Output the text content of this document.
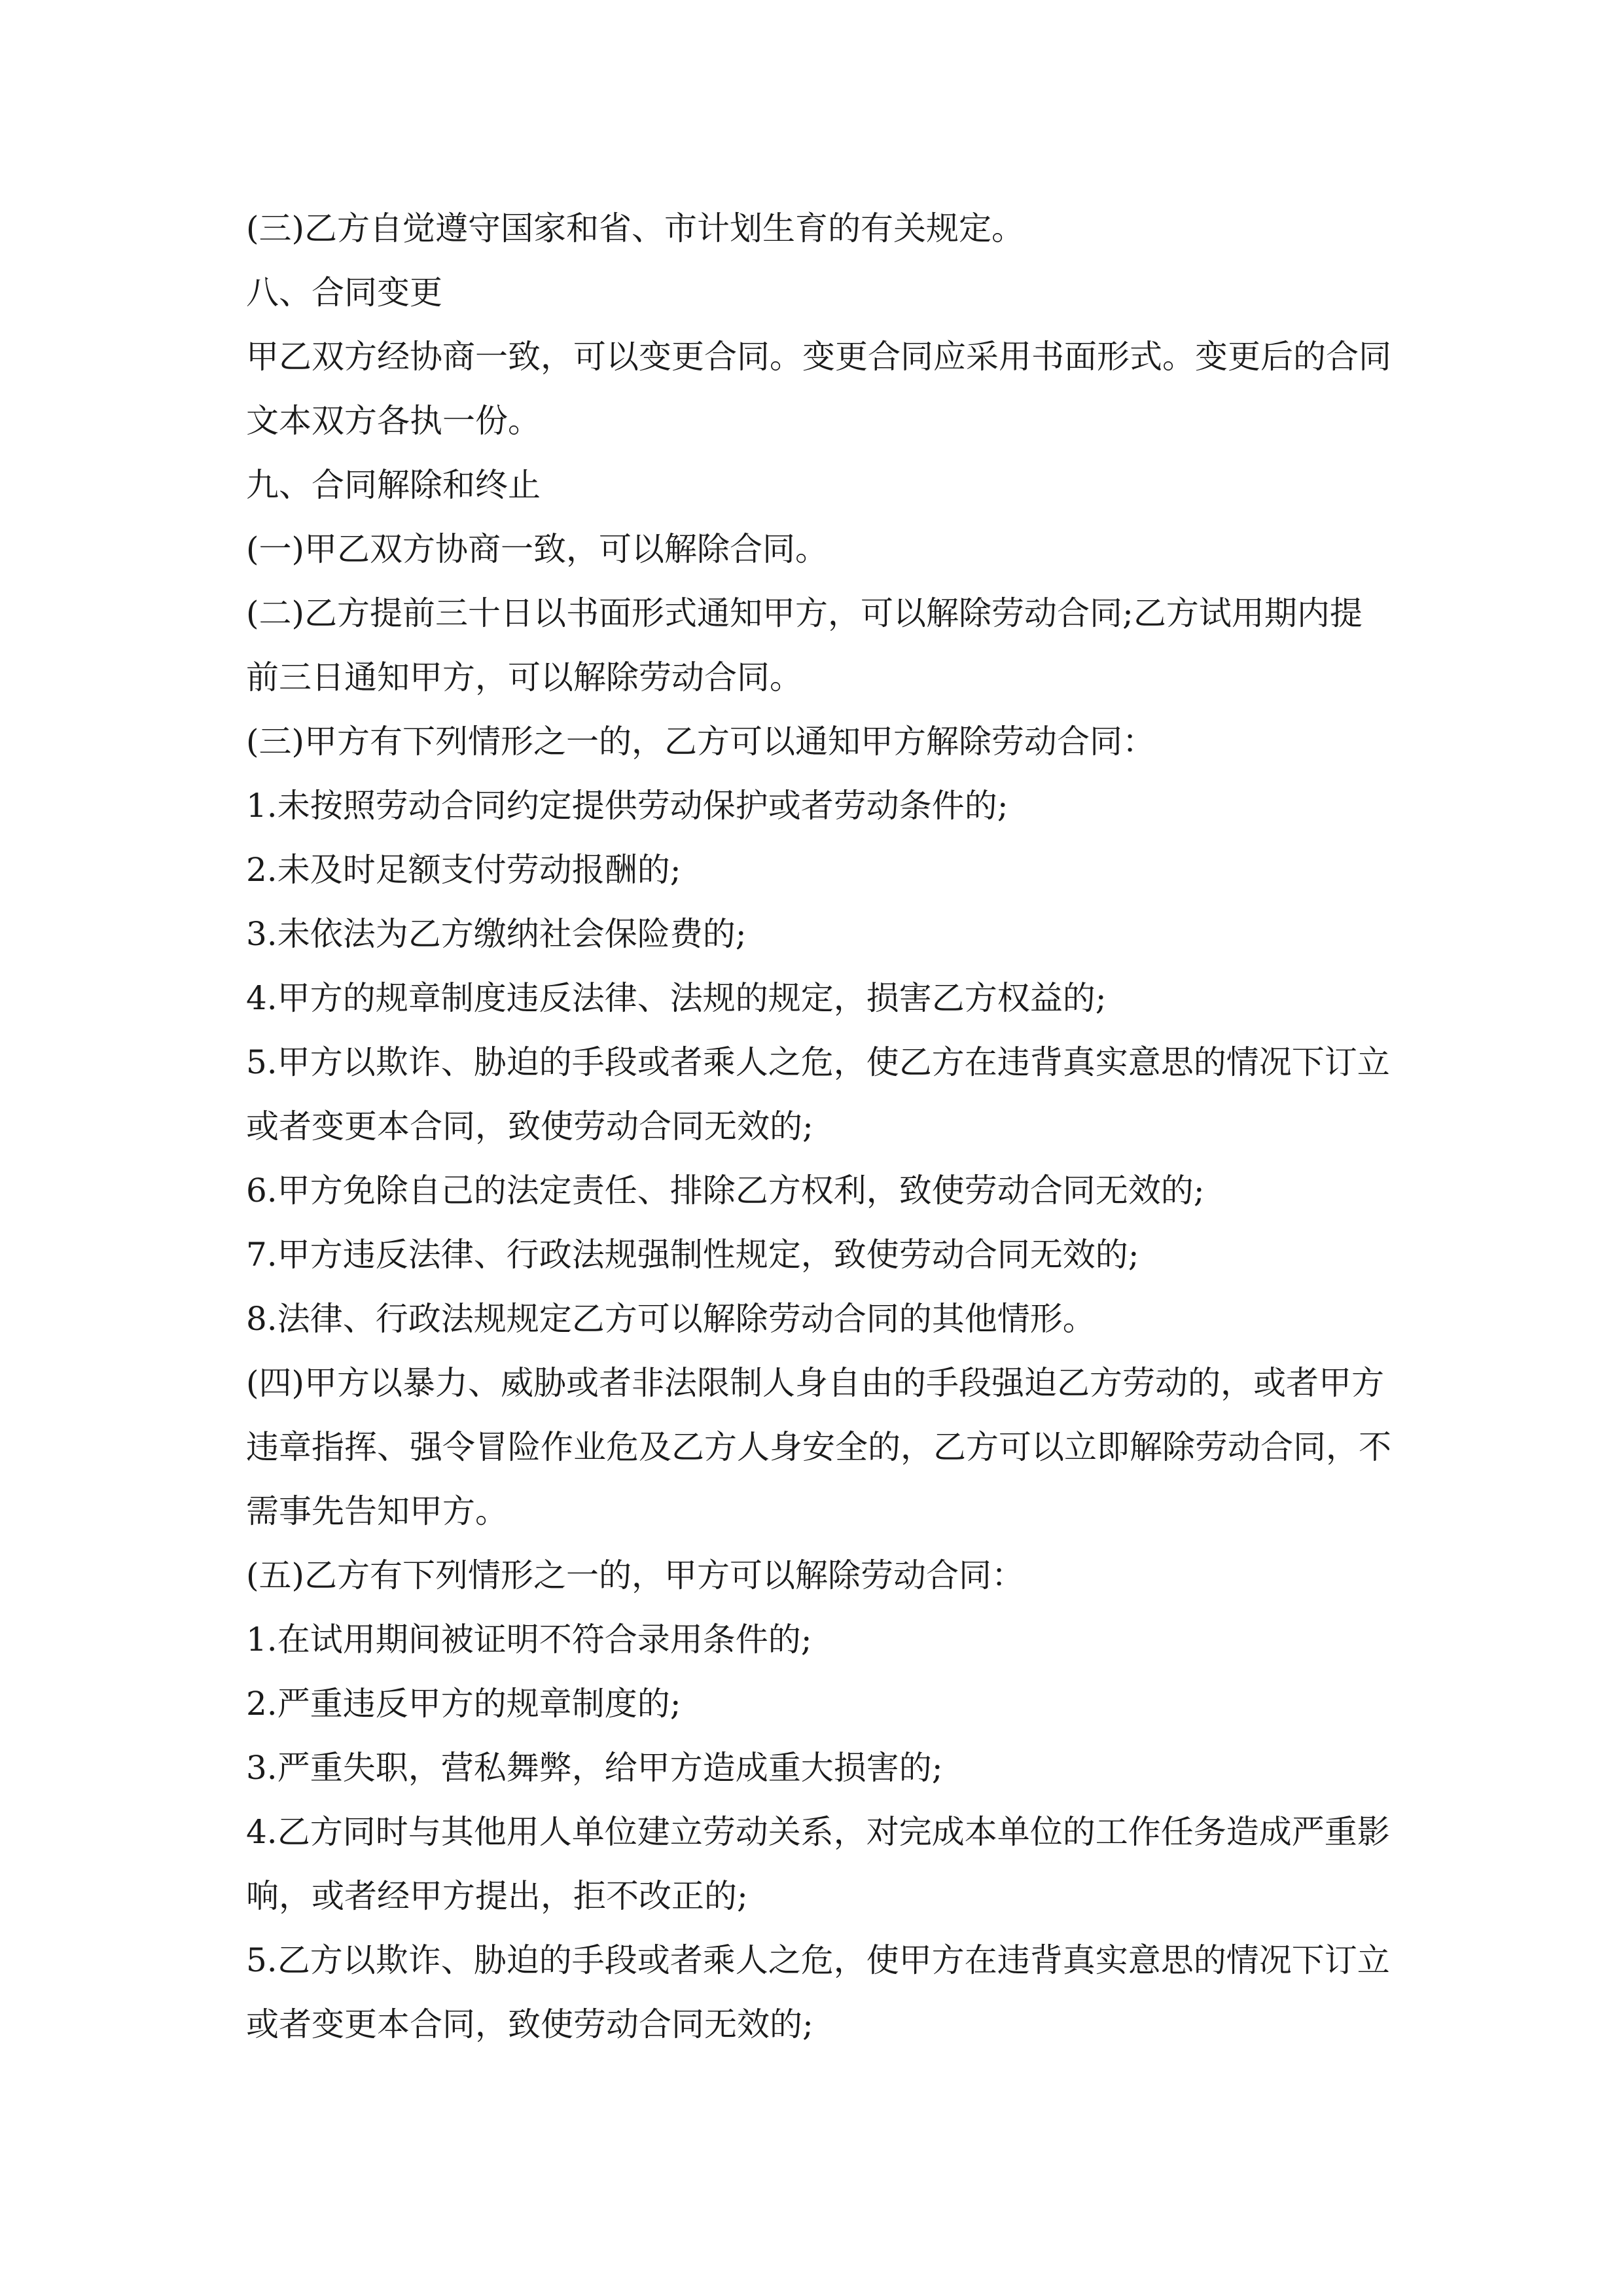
(三)乙方自觉遵守国家和省、市计划生育的有关规定。
八、合同变更
甲乙双方经协商一致，可以变更合同。变更合同应采用书面形式。变更后的合同
文本双方各执一份。
九、合同解除和终止
(一)甲乙双方协商一致，可以解除合同。
(二)乙方提前三十日以书面形式通知甲方，可以解除劳动合同;乙方试用期内提
前三日通知甲方，可以解除劳动合同。
(三)甲方有下列情形之一的，乙方可以通知甲方解除劳动合同：
1.未按照劳动合同约定提供劳动保护或者劳动条件的;
2.未及时足额支付劳动报酬的;
3.未依法为乙方缴纳社会保险费的;
4.甲方的规章制度违反法律、法规的规定，损害乙方权益的;
5.甲方以欺诈、胁迫的手段或者乘人之危，使乙方在违背真实意思的情况下订立
或者变更本合同，致使劳动合同无效的;
6.甲方免除自己的法定责任、排除乙方权利，致使劳动合同无效的;
7.甲方违反法律、行政法规强制性规定，致使劳动合同无效的;
8.法律、行政法规规定乙方可以解除劳动合同的其他情形。
(四)甲方以暴力、威胁或者非法限制人身自由的手段强迫乙方劳动的，或者甲方
违章指挥、强令冒险作业危及乙方人身安全的，乙方可以立即解除劳动合同，不
需事先告知甲方。
(五)乙方有下列情形之一的，甲方可以解除劳动合同：
1.在试用期间被证明不符合录用条件的;
2.严重违反甲方的规章制度的;
3.严重失职，营私舞弊，给甲方造成重大损害的;
4.乙方同时与其他用人单位建立劳动关系，对完成本单位的工作任务造成严重影
响，或者经甲方提出，拒不改正的;
5.乙方以欺诈、胁迫的手段或者乘人之危，使甲方在违背真实意思的情况下订立
或者变更本合同，致使劳动合同无效的;
